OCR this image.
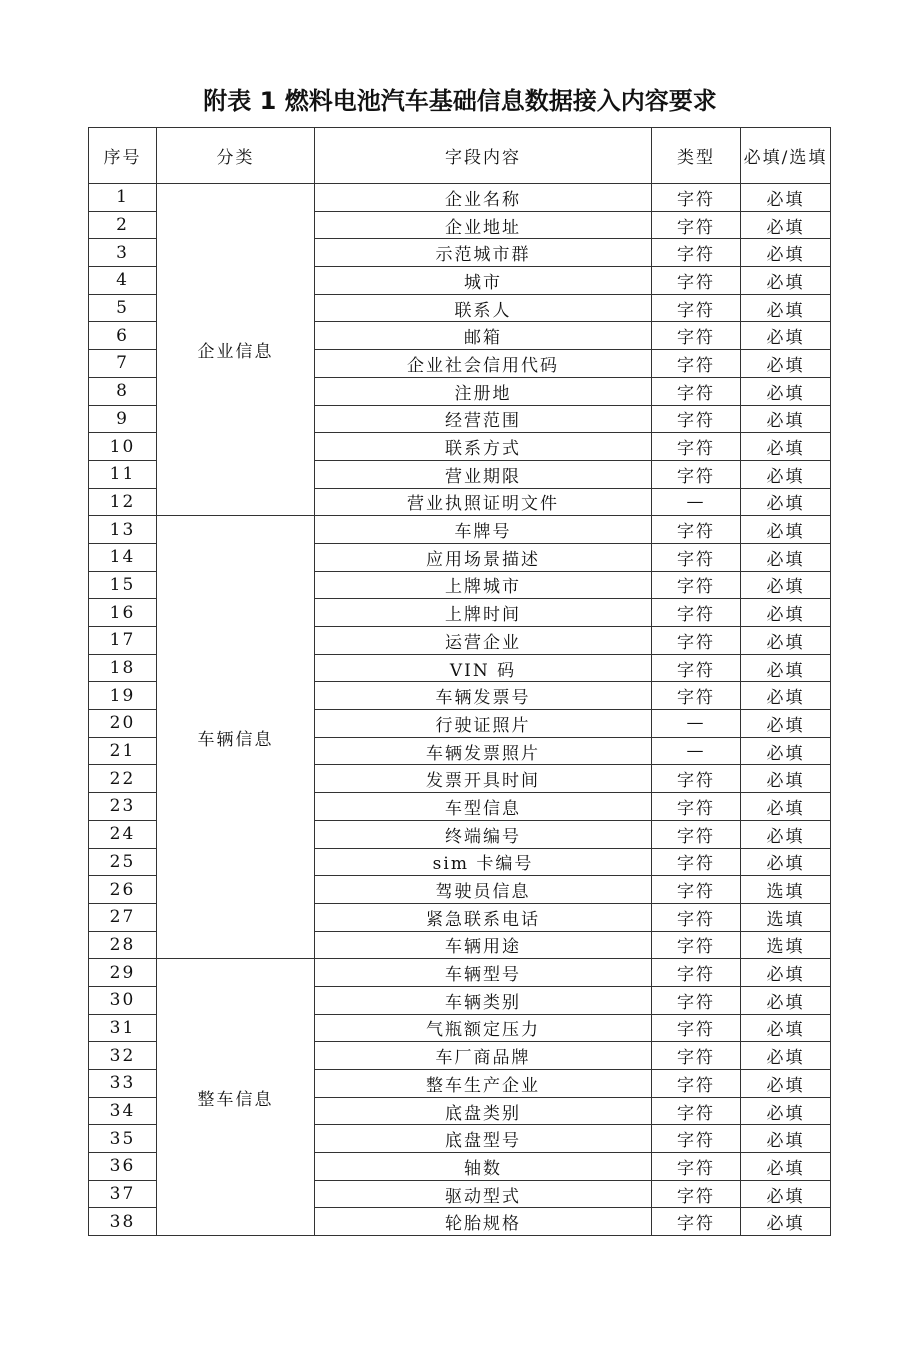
附表 1 燃料电池汽车基础信息数据接入内容要求
序号	分类	字段内容	类型	必填/选填
1	企业信息	企业名称	字符	必填
2		企业地址	字符	必填
3		示范城市群	字符	必填
4		城市	字符	必填
5		联系人	字符	必填
6		邮箱	字符	必填
7		企业社会信用代码	字符	必填
8		注册地	字符	必填
9		经营范围	字符	必填
10		联系方式	字符	必填
11		营业期限	字符	必填
12		营业执照证明文件	—	必填
13	车辆信息	车牌号	字符	必填
14		应用场景描述	字符	必填
15		上牌城市	字符	必填
16		上牌时间	字符	必填
17		运营企业	字符	必填
18		VIN 码	字符	必填
19		车辆发票号	字符	必填
20		行驶证照片	—	必填
21		车辆发票照片	—	必填
22		发票开具时间	字符	必填
23		车型信息	字符	必填
24		终端编号	字符	必填
25		sim 卡编号	字符	必填
26		驾驶员信息	字符	选填
27		紧急联系电话	字符	选填
28		车辆用途	字符	选填
29	整车信息	车辆型号	字符	必填
30		车辆类别	字符	必填
31		气瓶额定压力	字符	必填
32		车厂商品牌	字符	必填
33		整车生产企业	字符	必填
34		底盘类别	字符	必填
35		底盘型号	字符	必填
36		轴数	字符	必填
37		驱动型式	字符	必填
38		轮胎规格	字符	必填
